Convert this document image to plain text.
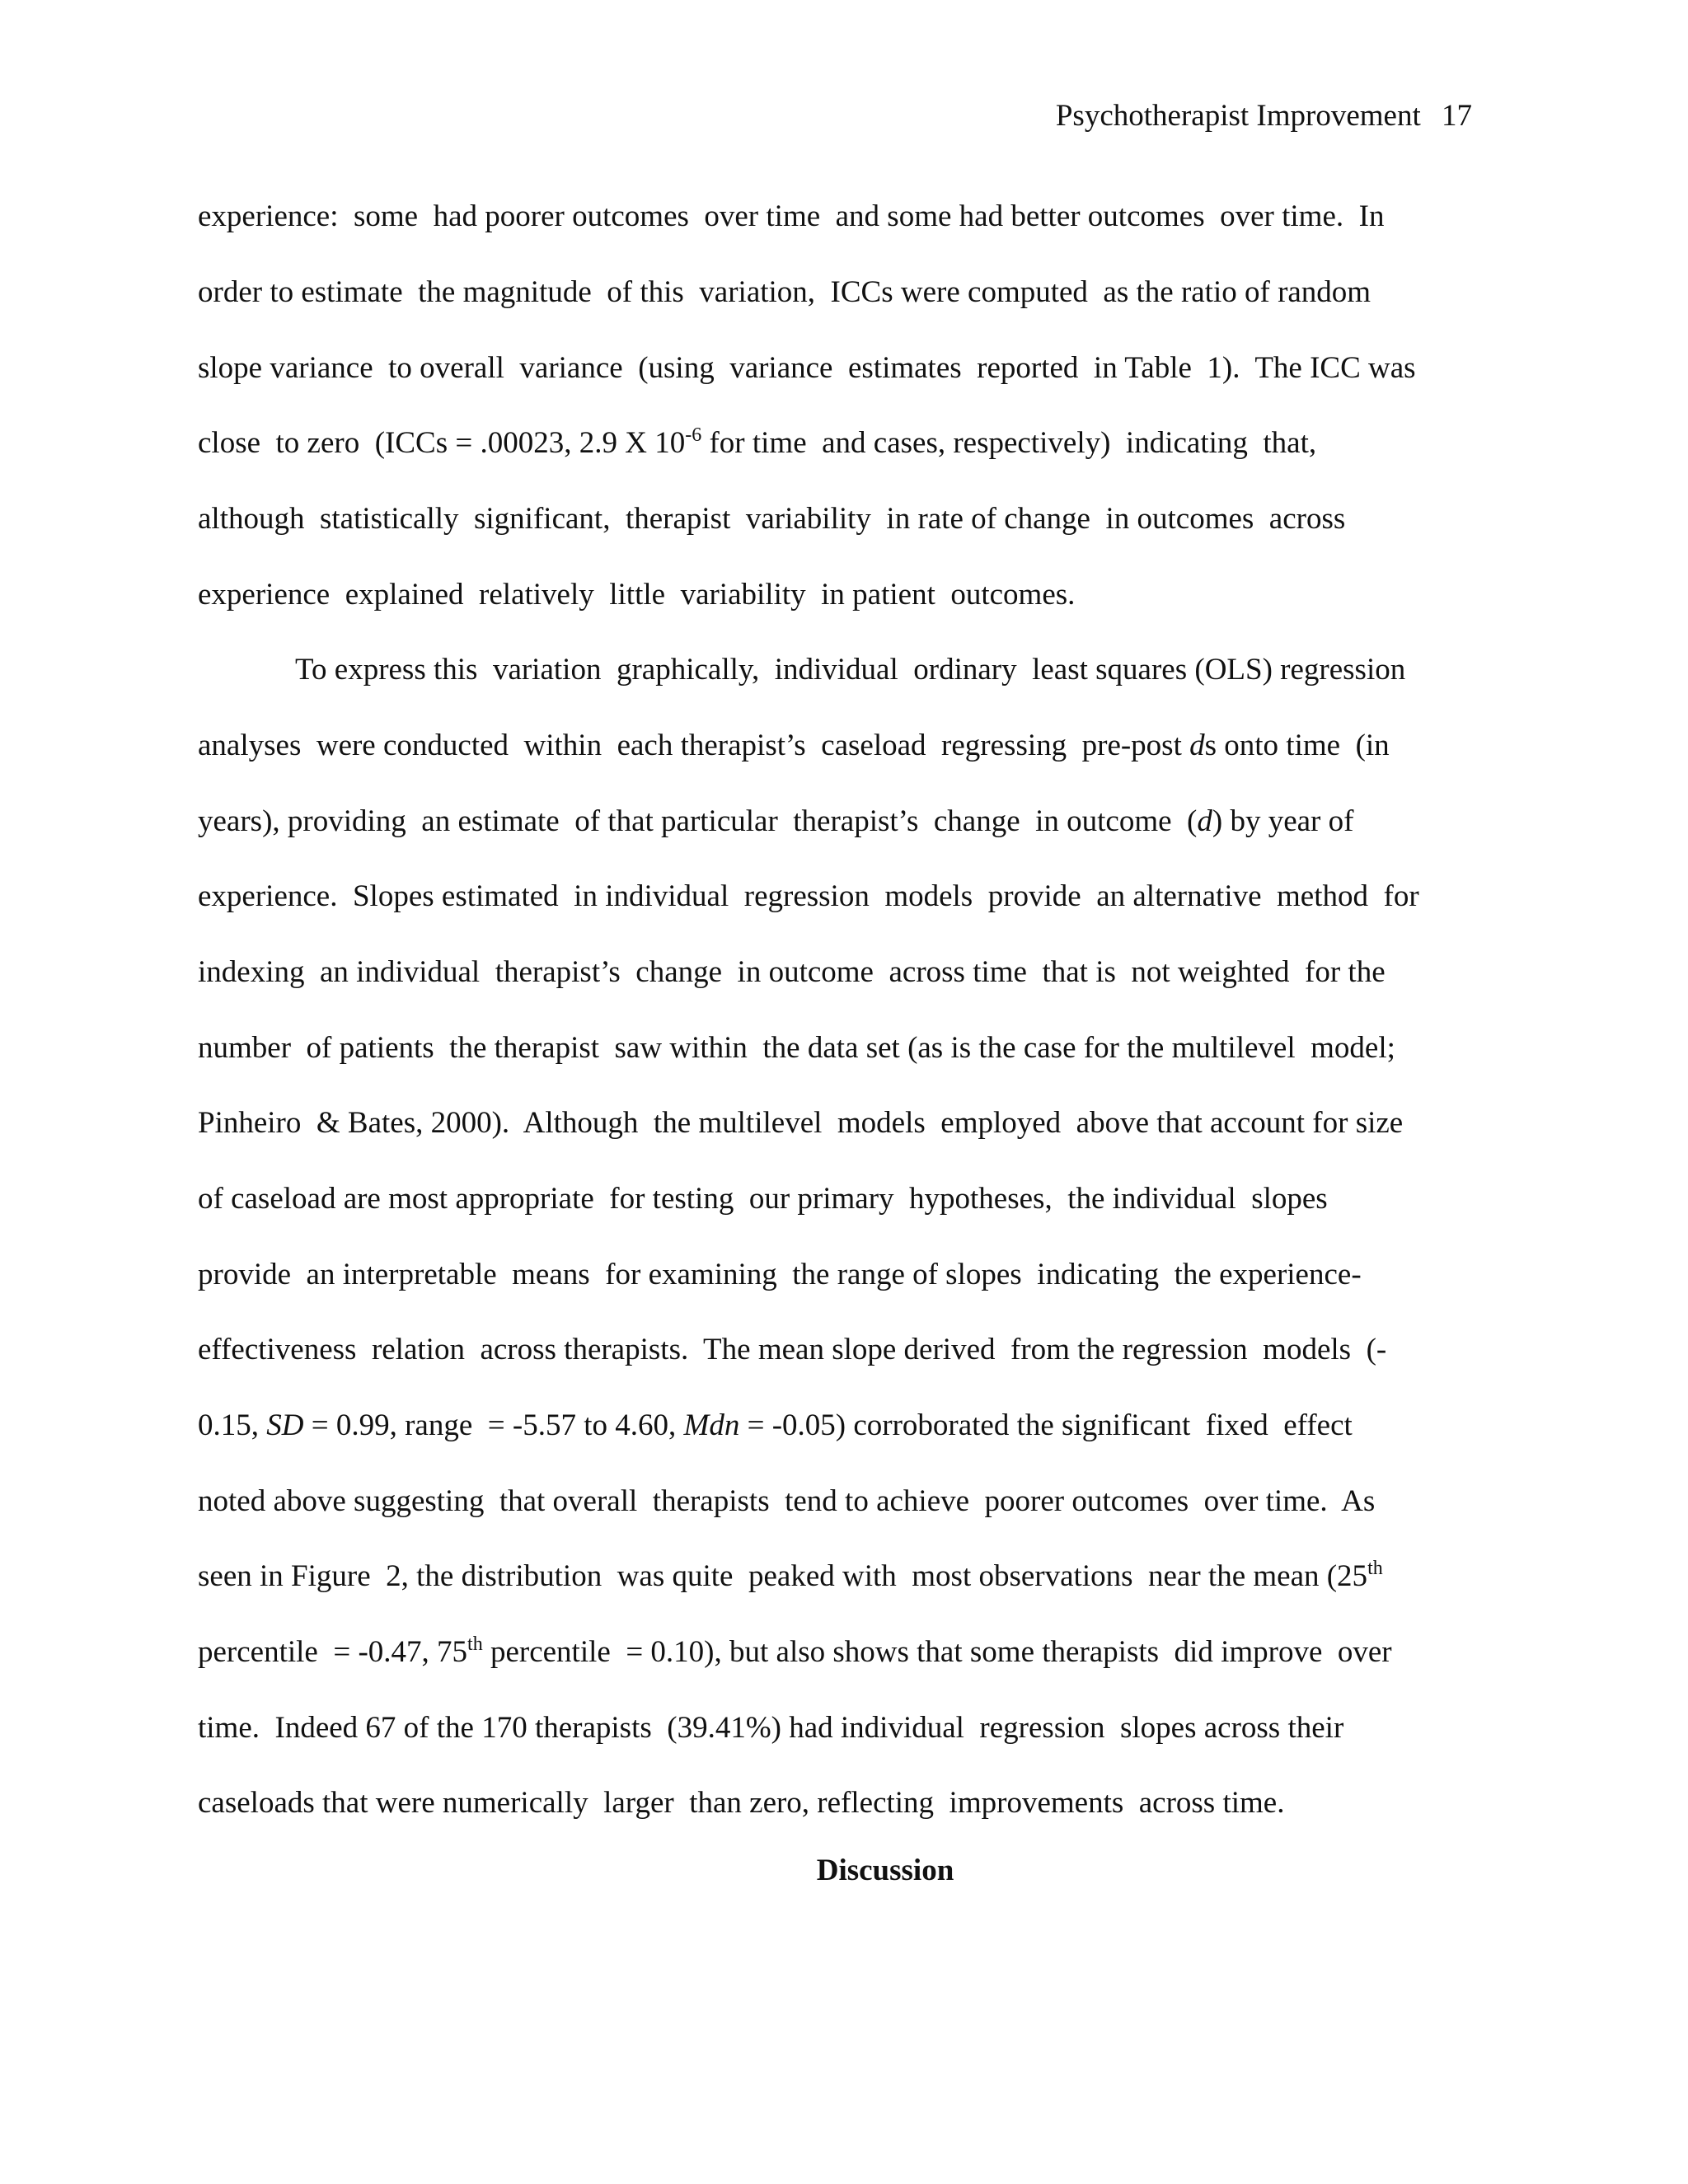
Psychotherapist Improvement 17
experience:  some  had poorer outcomes  over time  and some had better outcomes  over time.  In
order to estimate  the magnitude  of this  variation,  ICCs were computed  as the ratio of random
slope variance  to overall  variance  (using  variance  estimates  reported  in Table  1).  The ICC was
close  to zero  (ICCs = .00023, 2.9 X $10^{-6}$ for time  and cases, respectively)  indicating  that,
although  statistically  significant,  therapist  variability  in rate of change  in outcomes  across
experience  explained  relatively  little  variability  in patient  outcomes.
To express this  variation  graphically,  individual  ordinary  least squares (OLS) regression
analyses  were conducted  within  each therapist’s  caseload  regressing  pre-post ds onto time  (in
years), providing  an estimate  of that particular  therapist’s  change  in outcome  (d) by year of
experience.  Slopes estimated  in individual  regression  models  provide  an alternative  method  for
indexing  an individual  therapist’s  change  in outcome  across time  that is  not weighted  for the
number  of patients  the therapist  saw within  the data set (as is the case for the multilevel  model;
Pinheiro  & Bates, 2000).  Although  the multilevel  models  employed  above that account for size
of caseload are most appropriate  for testing  our primary  hypotheses,  the individual  slopes
provide  an interpretable  means  for examining  the range of slopes  indicating  the experience-
effectiveness  relation  across therapists.  The mean slope derived  from the regression  models  (-
0.15, SD = 0.99, range  = -5.57 to 4.60, Mdn = -0.05) corroborated the significant  fixed  effect
noted above suggesting  that overall  therapists  tend to achieve  poorer outcomes  over time.  As
seen in Figure  2, the distribution  was quite  peaked with  most observations  near the mean (25th
percentile  = -0.47, 75th percentile  = 0.10), but also shows that some therapists  did improve  over
time.  Indeed 67 of the 170 therapists  (39.41%) had individual  regression  slopes across their
caseloads that were numerically  larger  than zero, reflecting  improvements  across time.
Discussion
